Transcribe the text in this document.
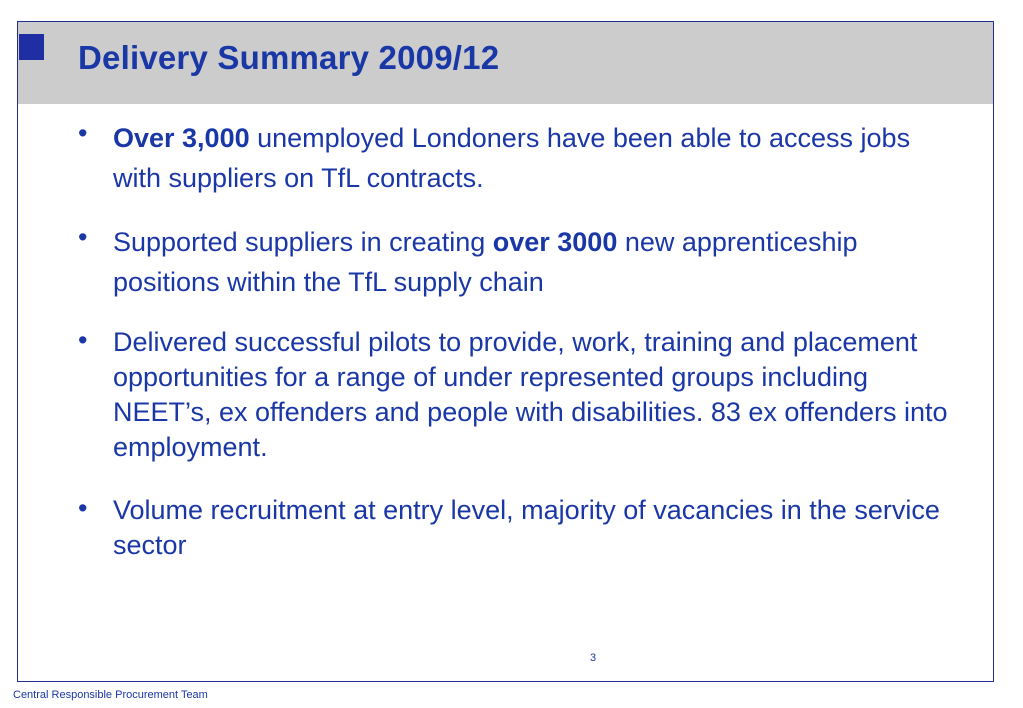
Delivery Summary 2009/12
• Over 3,000 unemployed Londoners have been able to access jobs with suppliers on TfL contracts.
• Supported suppliers in creating over 3000 new apprenticeship positions within the TfL supply chain
• Delivered successful pilots to provide, work, training and placement opportunities for a range of under represented groups including NEET’s, ex offenders and people with disabilities. 83 ex offenders into employment.
• Volume recruitment at entry level, majority of vacancies in the service sector
3
Central Responsible Procurement Team
